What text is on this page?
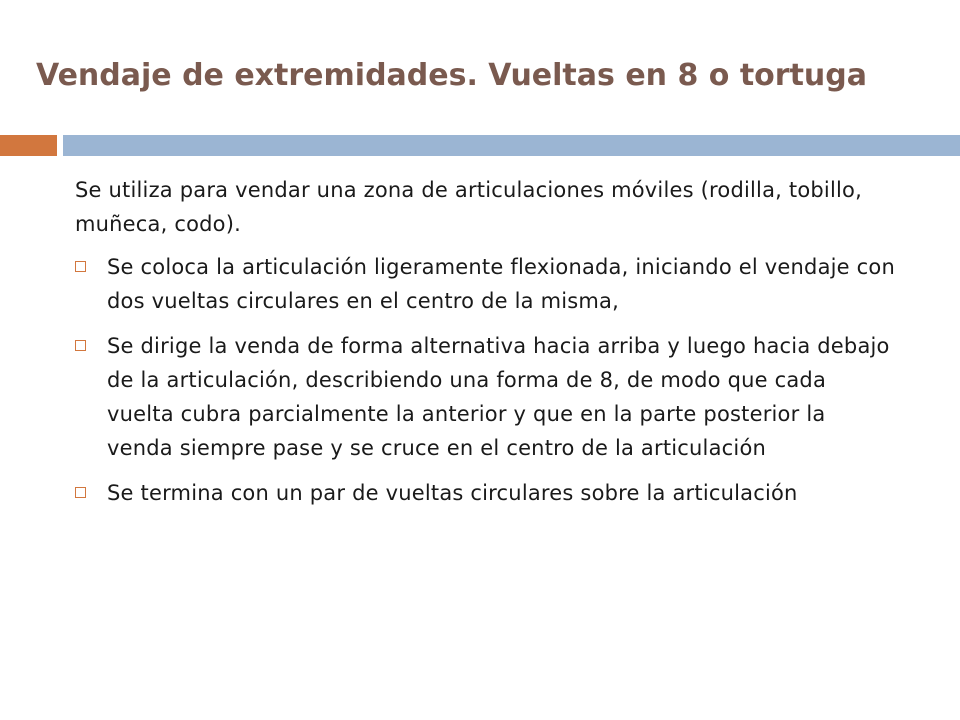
Vendaje de extremidades. Vueltas en 8 o tortuga

Se utiliza para vendar una zona de articulaciones móviles (rodilla, tobillo, muñeca, codo).

Se coloca la articulación ligeramente flexionada, iniciando el vendaje con dos vueltas circulares en el centro de la misma,
Se dirige la venda de forma alternativa hacia arriba y luego hacia debajo de la articulación, describiendo una forma de 8, de modo que cada vuelta cubra parcialmente la anterior y que en la parte posterior la venda siempre pase y se cruce en el centro de la articulación
Se termina con un par de vueltas circulares sobre la articulación
